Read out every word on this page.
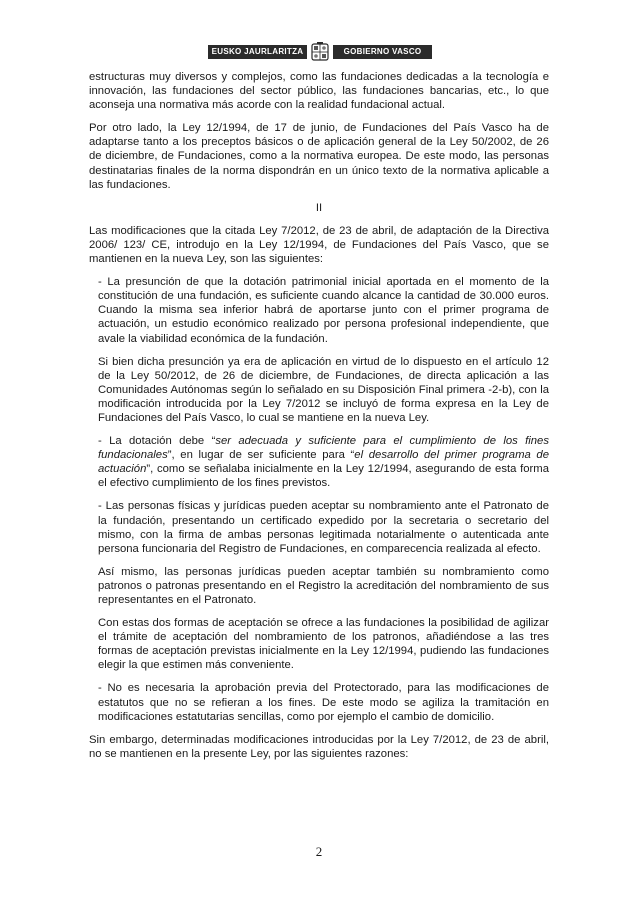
EUSKO JAURLARITZA	GOBIERNO VASCO

estructuras muy diversos y complejos, como las fundaciones dedicadas a la tecnología e innovación, las fundaciones del sector público, las fundaciones bancarias, etc., lo que aconseja una normativa más acorde con la realidad fundacional actual.

Por otro lado, la Ley 12/1994, de 17 de junio, de Fundaciones del País Vasco ha de adaptarse tanto a los preceptos básicos o de aplicación general de la Ley 50/2002, de 26 de diciembre, de Fundaciones, como a la normativa europea. De este modo, las personas destinatarias finales de la norma dispondrán en un único texto de la normativa aplicable a las fundaciones.

II

Las modificaciones que la citada Ley 7/2012, de 23 de abril, de adaptación de la Directiva 2006/ 123/ CE, introdujo en la Ley 12/1994, de Fundaciones del País Vasco, que se mantienen en la nueva Ley, son las siguientes:

- La presunción de que la dotación patrimonial inicial aportada en el momento de la constitución de una fundación, es suficiente cuando alcance la cantidad de 30.000 euros. Cuando la misma sea inferior habrá de aportarse junto con el primer programa de actuación, un estudio económico realizado por persona profesional independiente, que avale la viabilidad económica de la fundación.

Si bien dicha presunción ya era de aplicación en virtud de lo dispuesto en el artículo 12 de la Ley 50/2012, de 26 de diciembre, de Fundaciones, de directa aplicación a las Comunidades Autónomas según lo señalado en su Disposición Final primera -2-b), con la modificación introducida por la Ley 7/2012 se incluyó de forma expresa en la Ley de Fundaciones del País Vasco, lo cual se mantiene en la nueva Ley.

- La dotación debe “ser adecuada y suficiente para el cumplimiento de los fines fundacionales”, en lugar de ser suficiente para “el desarrollo del primer programa de actuación”, como se señalaba inicialmente en la Ley 12/1994, asegurando de esta forma el efectivo cumplimiento de los fines previstos.

- Las personas físicas y jurídicas pueden aceptar su nombramiento ante el Patronato de la fundación, presentando un certificado expedido por la secretaria o secretario del mismo, con la firma de ambas personas legitimada notarialmente o autenticada ante persona funcionaria del Registro de Fundaciones, en comparecencia realizada al efecto.

Así mismo, las personas jurídicas pueden aceptar también su nombramiento como patronos o patronas presentando en el Registro la acreditación del nombramiento de sus representantes en el Patronato.

Con estas dos formas de aceptación se ofrece a las fundaciones la posibilidad de agilizar el trámite de aceptación del nombramiento de los patronos, añadiéndose a las tres formas de aceptación previstas inicialmente en la Ley 12/1994, pudiendo las fundaciones elegir la que estimen más conveniente.

- No es necesaria la aprobación previa del Protectorado, para las modificaciones de estatutos que no se refieran a los fines. De este modo se agiliza la tramitación en modificaciones estatutarias sencillas, como por ejemplo el cambio de domicilio.

Sin embargo, determinadas modificaciones introducidas por la Ley 7/2012, de 23 de abril, no se mantienen en la presente Ley, por las siguientes razones:

2
